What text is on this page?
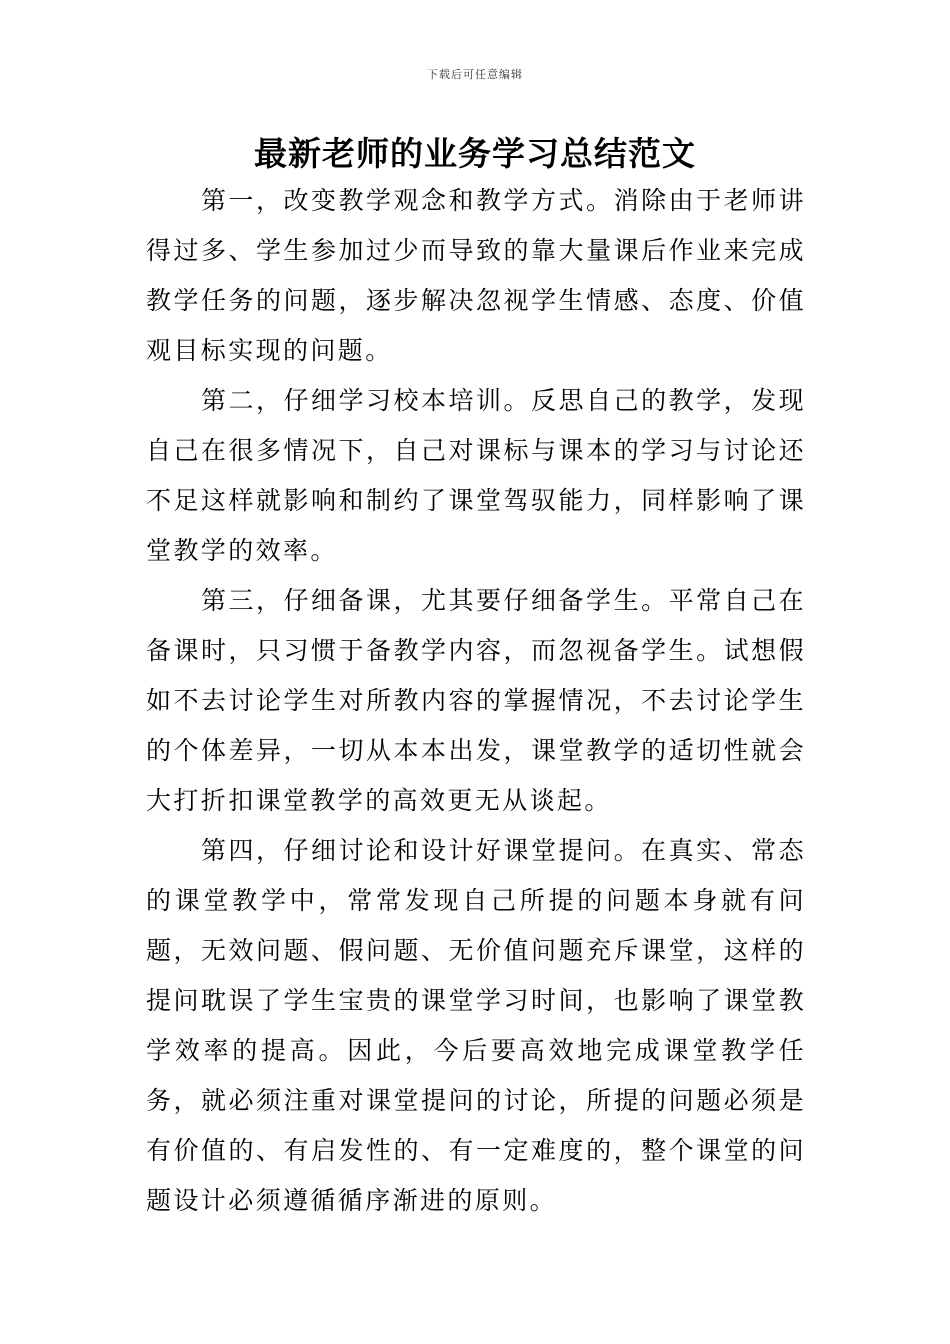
下载后可任意编辑
最新老师的业务学习总结范文

第一，改变教学观念和教学方式。消除由于老师讲得过多、学生参加过少而导致的靠大量课后作业来完成教学任务的问题，逐步解决忽视学生情感、态度、价值观目标实现的问题。

第二，仔细学习校本培训。反思自己的教学，发现自己在很多情况下，自己对课标与课本的学习与讨论还不足这样就影响和制约了课堂驾驭能力，同样影响了课堂教学的效率。

第三，仔细备课，尤其要仔细备学生。平常自己在备课时，只习惯于备教学内容，而忽视备学生。试想假如不去讨论学生对所教内容的掌握情况，不去讨论学生的个体差异，一切从本本出发，课堂教学的适切性就会大打折扣课堂教学的高效更无从谈起。

第四，仔细讨论和设计好课堂提问。在真实、常态的课堂教学中，常常发现自己所提的问题本身就有问题，无效问题、假问题、无价值问题充斥课堂，这样的提问耽误了学生宝贵的课堂学习时间，也影响了课堂教学效率的提高。因此，今后要高效地完成课堂教学任务，就必须注重对课堂提问的讨论，所提的问题必须是有价值的、有启发性的、有一定难度的，整个课堂的问题设计必须遵循循序渐进的原则。
